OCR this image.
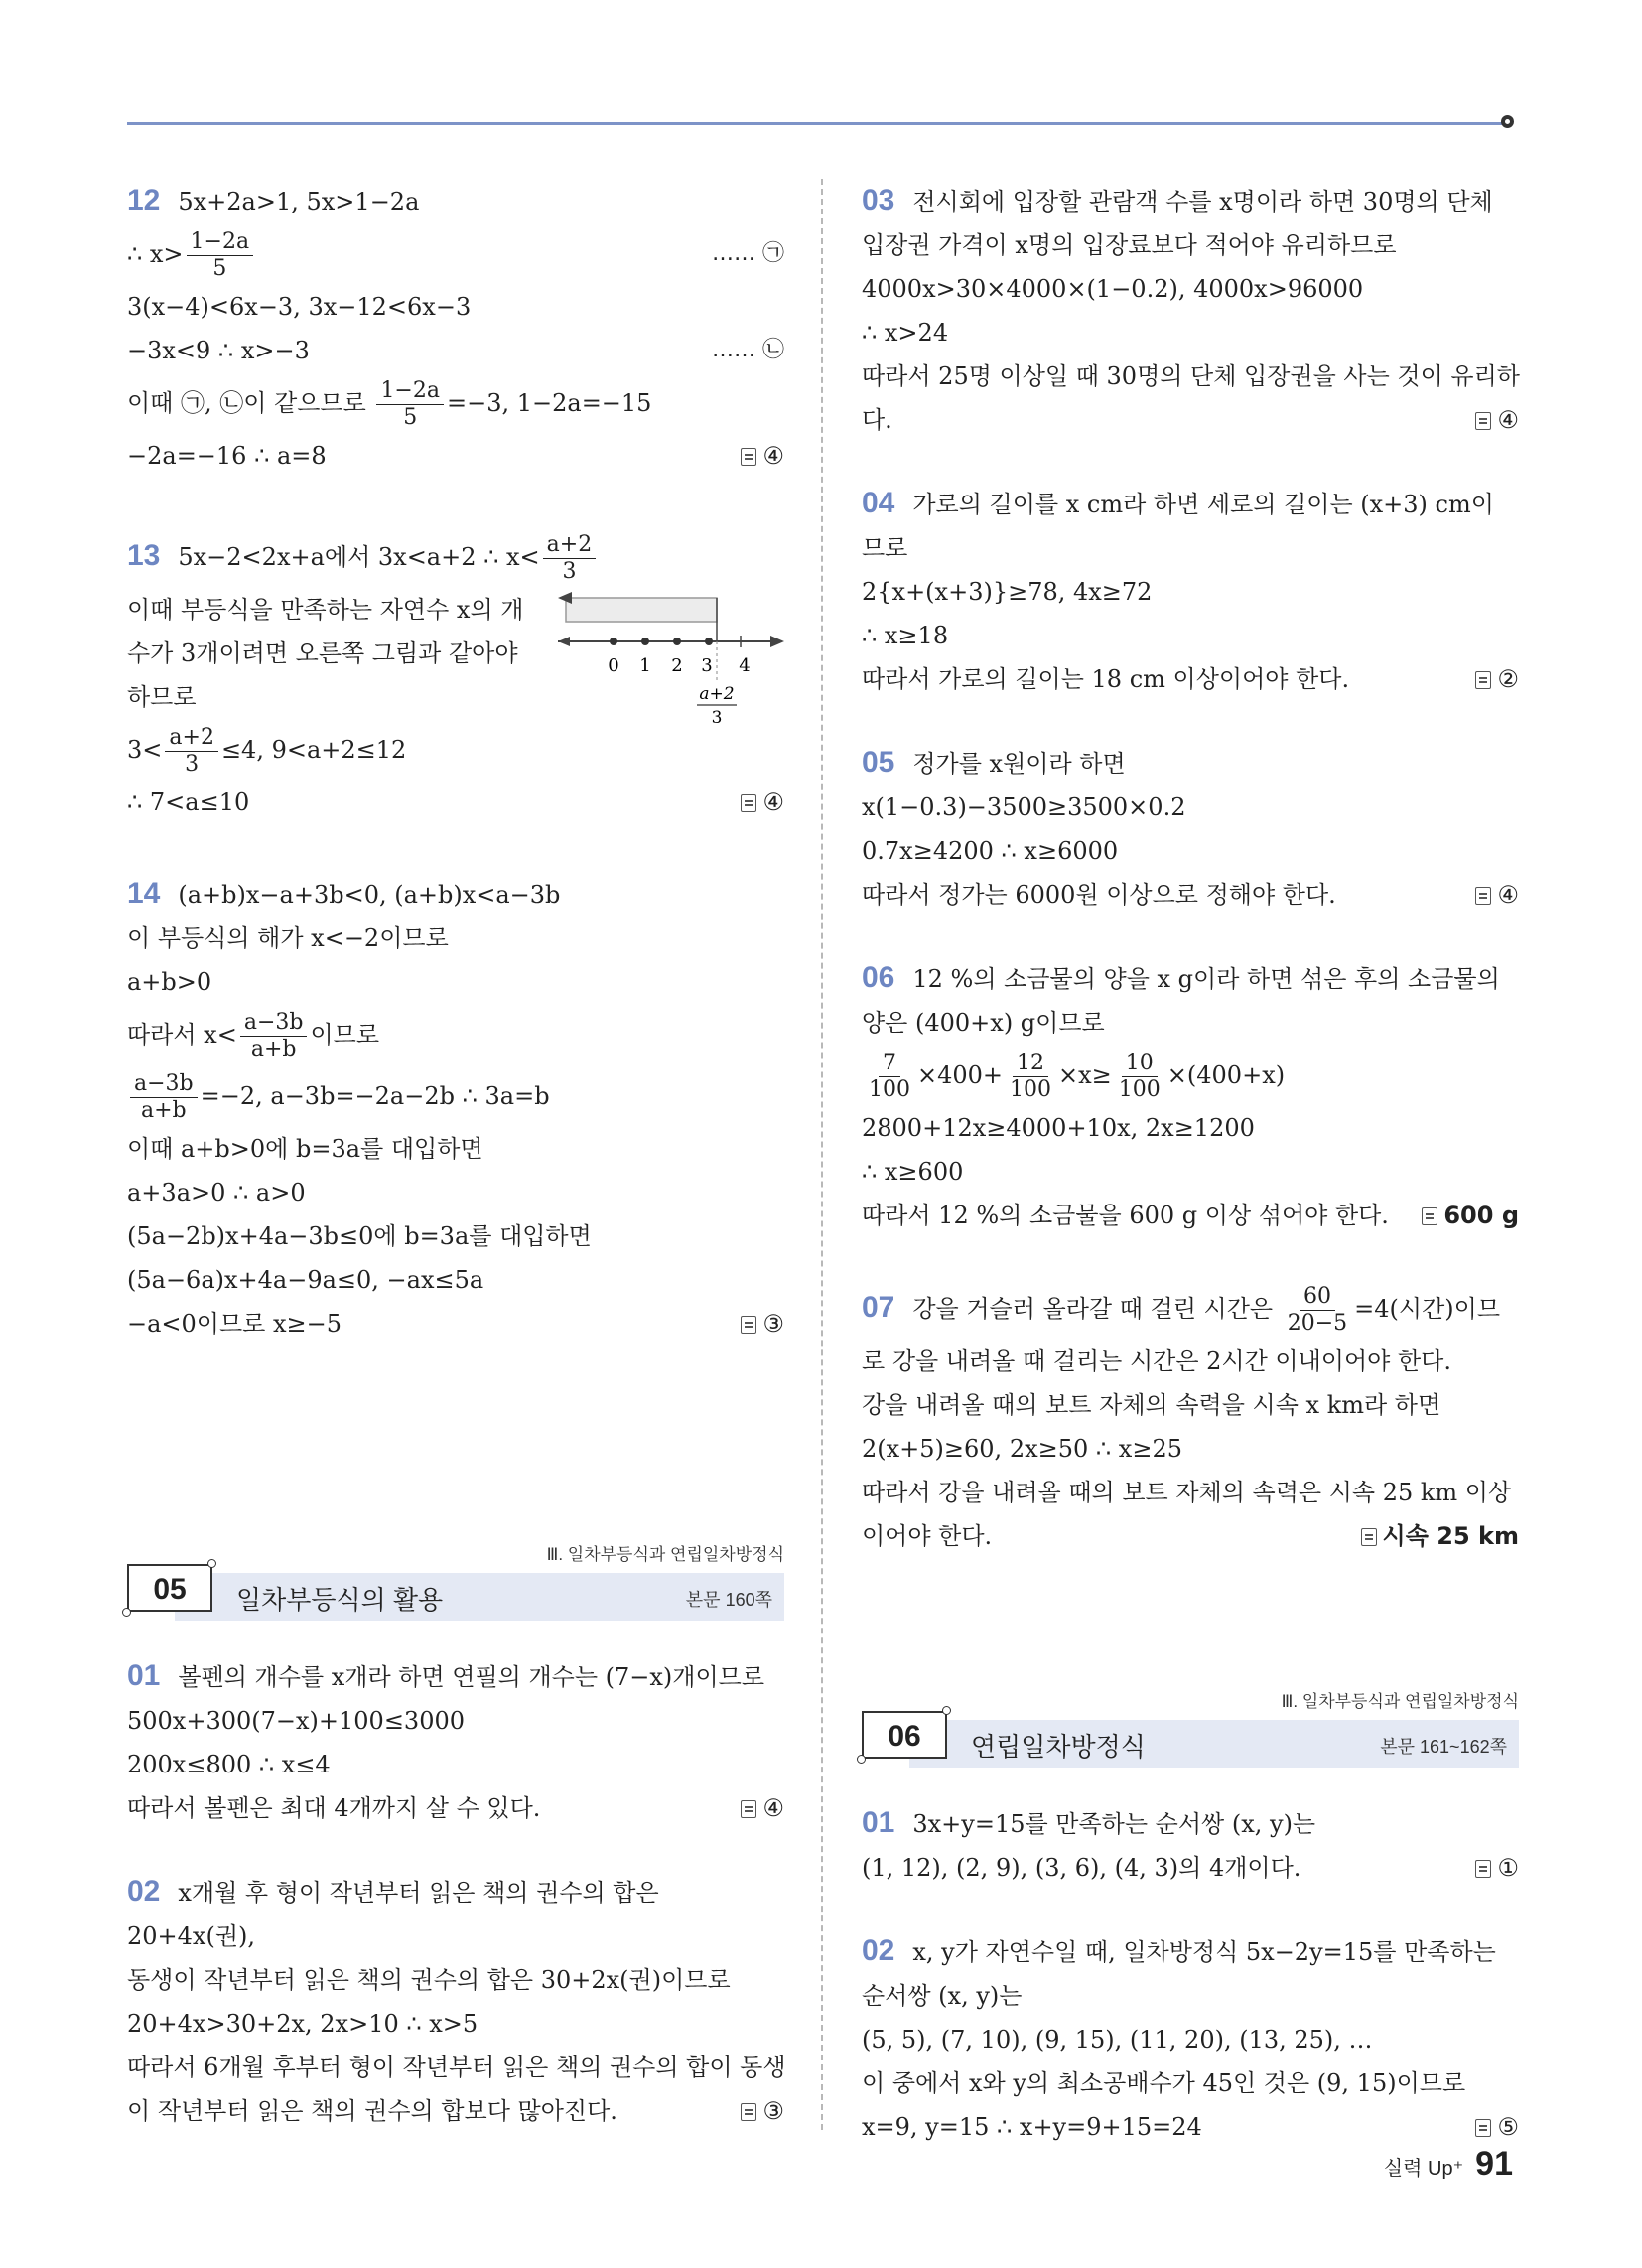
12 5x+2a>1, 5x>1−2a
∴ $x> \frac{1-2a}{5}$	…… ㉠
3(x−4)<6x−3, 3x−12<6x−3
−3x<9 ∴ x>−3	…… ㉡
이때 ㉠, ㉡이 같으므로 $\frac{1-2a}{5} =-3$, 1−2a=−15
−2a=−16 ∴ a=8	④
13 5x−2<2x+a에서 3x<a+2 ∴ $x< \frac{a+2}{3}$
이때 부등식을 만족하는 자연수 x의 개
수가 3개이려면 오른쪽 그림과 같아야
하므로
0 1 2 3 4
a+2
3
$3< \frac{a+2}{3} \le 4$, 9<a+2≤12
∴ 7<a≤10	④
14 (a+b)x−a+3b<0, (a+b)x<a−3b
이 부등식의 해가 x<−2이므로
a+b>0
따라서 $x< \frac{a-3b}{a+b}$ 이므로
$\frac{a-3b}{a+b} =-2$, a−3b=−2a−2b ∴ 3a=b
이때 a+b>0에 b=3a를 대입하면
a+3a>0 ∴ a>0
(5a−2b)x+4a−3b≤0에 b=3a를 대입하면
(5a−6a)x+4a−9a≤0, −ax≤5a
−a<0이므로 x≥−5	③
Ⅲ. 일차부등식과 연립일차방정식
05	일차부등식의 활용	본문 160쪽
01 볼펜의 개수를 x개라 하면 연필의 개수는 (7−x)개이므로
500x+300(7−x)+100≤3000
200x≤800 ∴ x≤4
따라서 볼펜은 최대 4개까지 살 수 있다.	④
02 x개월 후 형이 작년부터 읽은 책의 권수의 합은
20+4x(권),
동생이 작년부터 읽은 책의 권수의 합은 30+2x(권)이므로
20+4x>30+2x, 2x>10 ∴ x>5
따라서 6개월 후부터 형이 작년부터 읽은 책의 권수의 합이 동생
이 작년부터 읽은 책의 권수의 합보다 많아진다.	③
03 전시회에 입장할 관람객 수를 x명이라 하면 30명의 단체
입장권 가격이 x명의 입장료보다 적어야 유리하므로
4000x>30×4000×(1−0.2), 4000x>96000
∴ x>24
따라서 25명 이상일 때 30명의 단체 입장권을 사는 것이 유리하
다.	④
04 가로의 길이를 x cm라 하면 세로의 길이는 (x+3) cm이
므로
2{x+(x+3)}≥78, 4x≥72
∴ x≥18
따라서 가로의 길이는 18 cm 이상이어야 한다.	②
05 정가를 x원이라 하면
x(1−0.3)−3500≥3500×0.2
0.7x≥4200 ∴ x≥6000
따라서 정가는 6000원 이상으로 정해야 한다.	④
06 12 %의 소금물의 양을 x g이라 하면 섞은 후의 소금물의
양은 (400+x) g이므로
$\frac{7}{100} \times 400+ \frac{12}{100} \times x\ge \frac{10}{100} \times(400+x)$
2800+12x≥4000+10x, 2x≥1200
∴ x≥600
따라서 12 %의 소금물을 600 g 이상 섞어야 한다.	600 g
07 강을 거슬러 올라갈 때 걸린 시간은 $\frac{60}{20-5} =4$(시간)이므
로 강을 내려올 때 걸리는 시간은 2시간 이내이어야 한다.
강을 내려올 때의 보트 자체의 속력을 시속 x km라 하면
2(x+5)≥60, 2x≥50 ∴ x≥25
따라서 강을 내려올 때의 보트 자체의 속력은 시속 25 km 이상
이어야 한다.	시속 25 km
Ⅲ. 일차부등식과 연립일차방정식
06	연립일차방정식	본문 161~162쪽
01 3x+y=15를 만족하는 순서쌍 (x, y)는
(1, 12), (2, 9), (3, 6), (4, 3)의 4개이다.	①
02 x, y가 자연수일 때, 일차방정식 5x−2y=15를 만족하는
순서쌍 (x, y)는
(5, 5), (7, 10), (9, 15), (11, 20), (13, 25), …
이 중에서 x와 y의 최소공배수가 45인 것은 (9, 15)이므로
x=9, y=15 ∴ x+y=9+15=24	⑤
실력 Up⁺ 91
